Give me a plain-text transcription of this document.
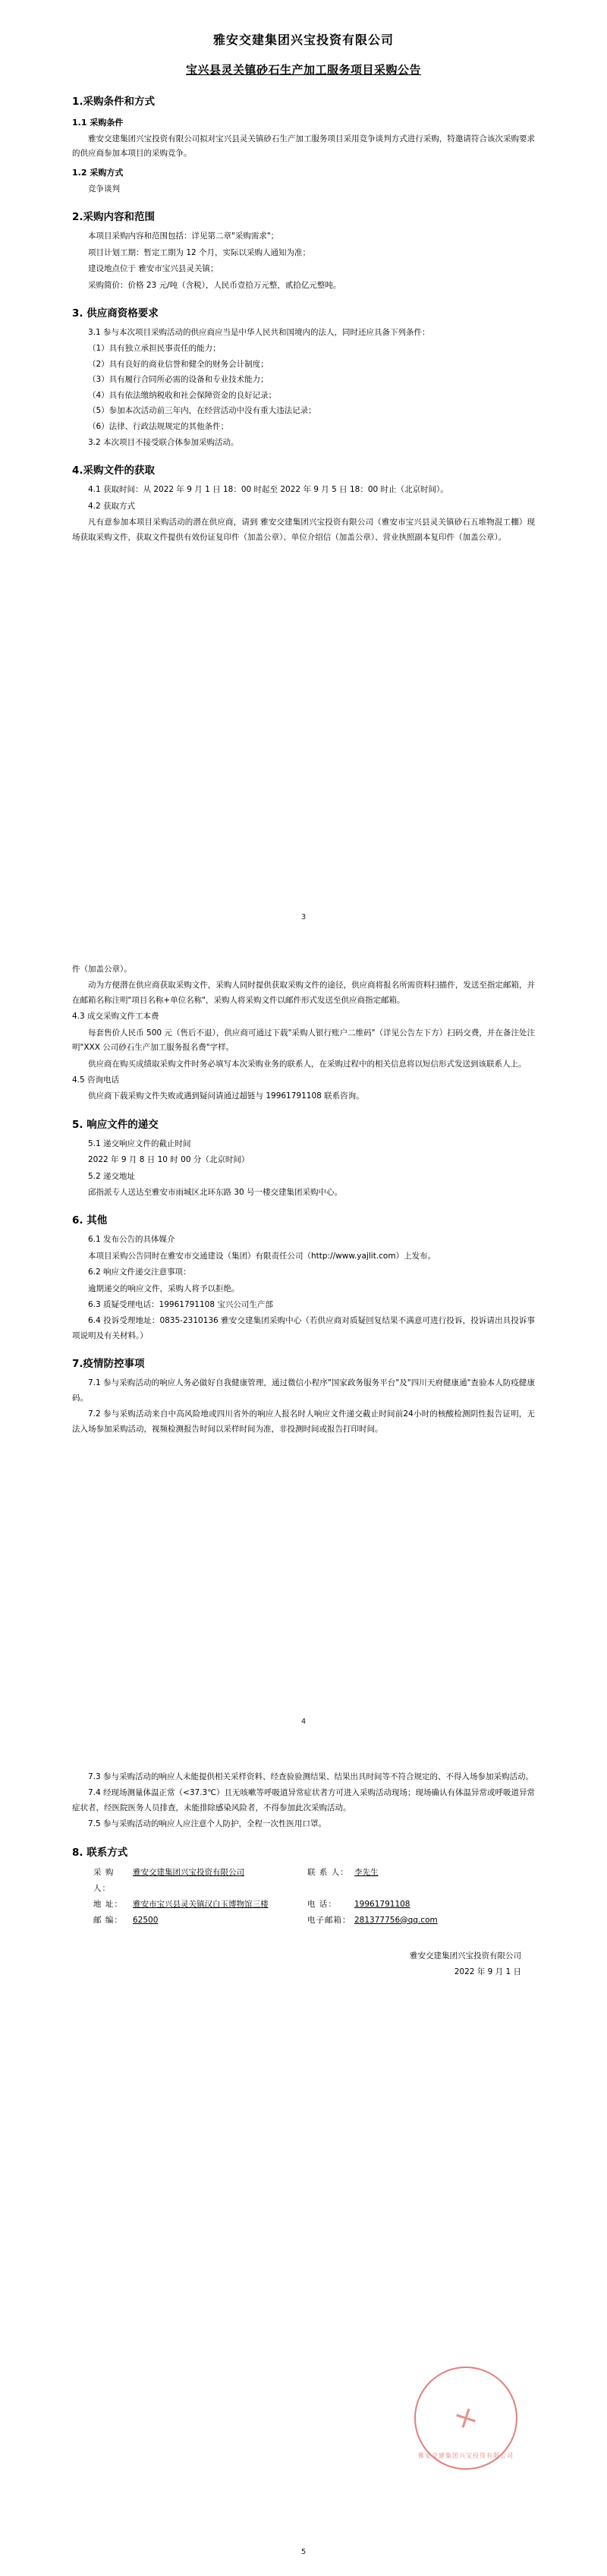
雅安交建集团兴宝投资有限公司
宝兴县灵关镇砂石生产加工服务项目采购公告
1.采购条件和方式
1.1 采购条件

雅安交建集团兴宝投资有限公司拟对宝兴县灵关镇砂石生产加工服务项目采用竞争谈判方式进行采购，特邀请符合该次采购要求的供应商参加本项目的采购竞争。

1.2 采购方式

竞争谈判

2.采购内容和范围

本项目采购内容和范围包括：详见第二章"采购需求"；

项目计划工期：暂定工期为 12 个月，实际以采购人通知为准；

建设地点位于 雅安市宝兴县灵关镇；

采购简价：价格 23 元/吨（含税），人民币壹拾万元整，贰拾亿元整吨。

3. 供应商资格要求

3.1 参与本次项目采购活动的供应商应当是中华人民共和国境内的法人，同时还应具备下列条件：

（1）具有独立承担民事责任的能力；
（2）具有良好的商业信誉和健全的财务会计制度；
（3）具有履行合同所必需的设备和专业技术能力；
（4）具有依法缴纳税收和社会保障资金的良好记录；
（5）参加本次活动前三年内，在经营活动中没有重大违法记录；
（6）法律、行政法规规定的其他条件；

3.2 本次项目不接受联合体参加采购活动。

4.采购文件的获取

4.1 获取时间：从 2022 年 9 月 1 日 18：00 时起至 2022 年 9 月 5 日 18：00 时止（北京时间）。

4.2 获取方式

凡有意参加本项目采购活动的潜在供应商，请到 雅安交建集团兴宝投资有限公司（雅安市宝兴县灵关镇砂石五堆物混工棚）现场获取采购文件，获取文件提供有效份证复印件（加盖公章）、单位介绍信（加盖公章）、营业执照副本复印件（加盖公章）。

3

件（加盖公章）。

动为方便潜在供应商获取采购文件，采购人同时提供获取采购文件的途径，供应商将报名所需资料扫描件，发送至指定邮箱，并在邮箱名称注明"项目名称+单位名称"，采购人将采购文件以邮件形式发送至供应商指定邮箱。

4.3 成交采购文件工本费

每套售价人民币 500 元（售后不退），供应商可通过下载"采购人银行账户二维码"（详见公告左下方）扫码交费，并在备注处注明"XXX 公司砂石生产加工服务报名费"字样。

供应商在购买成绩取采购文件时务必填写本次采购业务的联系人，在采购过程中的相关信息将以短信形式发送到该联系人上。

4.5 咨询电话

供应商下载采购文件失败或遇到疑问请通过超链与 19961791108 联系咨询。

5. 响应文件的递交

5.1 递交响应文件的截止时间

2022 年 9 月 8 日 10 时 00 分（北京时间）

5.2 递交地址

邱指派专人送达至雅安市雨城区北环东路 30 号一楼交建集团采购中心。

6. 其他

6.1 发布公告的具体媒介

本项目采购公告同时在雅安市交通建设（集团）有限责任公司（http://www.yajlit.com）上发布。

6.2 响应文件递交注意事项：

逾期递交的响应文件，采购人将予以拒绝。

6.3 质疑受理电话：19961791108 宝兴公司生产部

6.4 投诉受理地址：0835-2310136 雅安交建集团采购中心（若供应商对质疑回复结果不满意可进行投诉，投诉请出具投诉事项说明及有关材料。）

7.疫情防控事项

7.1 参与采购活动的响应人务必做好自我健康管理，通过微信小程序"国家政务服务平台"及"四川天府健康通"查验本人防疫健康码。

7.2 参与采购活动来自中高风险地或四川省外的响应人报名时人响应文件递交截止时间前24小时的核酸检测阴性报告证明，无法入场参加采购活动，视频检测报告时间以采样时间为准，非投测时间或报告打印时间。

4

7.3 参与采购活动的响应人未能提供相关采样资料、经查验验测结果、结果出具时间等不符合规定的、不得入场参加采购活动。

7.4 经现场测量体温正常（<37.3℃）且无咳嗽等呼吸道异常症状者方可进入采购活动现场；现场确认有体温异常或呼吸道异常症状者，经医院医务人员排查，未能排除感染风险者，不得参加此次采购活动。

7.5 参与采购活动的响应人应注意个人防护，全程一次性医用口罩。

8. 联系方式
采 购 人：
雅安交建集团兴宝投资有限公司	联 系 人： 李先生
地 址：	雅安市宝兴县灵关镇汉白玉博物馆三楼	电 话：	19961791108
邮 编：	62500	电子邮箱： 281377756@qq.com
雅安交建集团兴宝投资有限公司
2022 年 9 月 1 日
雅安交建集团兴宝投资有限公司
5
